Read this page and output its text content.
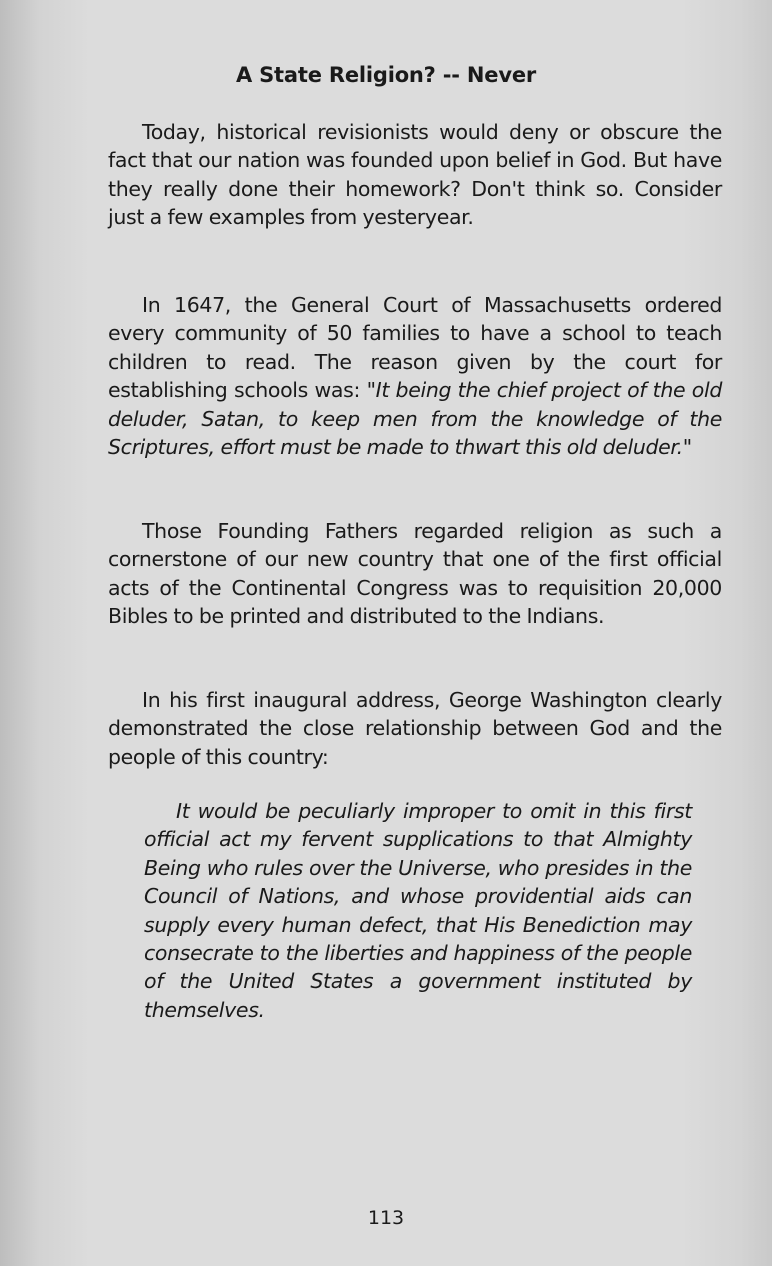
A State Religion? -- Never

Today, historical revisionists would deny or obscure the fact that our nation was founded upon belief in God. But have they really done their homework? Don't think so. Consider just a few examples from yesteryear.

In 1647, the General Court of Massachusetts ordered every community of 50 families to have a school to teach children to read. The reason given by the court for establishing schools was: "It being the chief project of the old deluder, Satan, to keep men from the knowledge of the Scriptures, effort must be made to thwart this old deluder."

Those Founding Fathers regarded religion as such a cornerstone of our new country that one of the first official acts of the Continental Congress was to requisition 20,000 Bibles to be printed and distributed to the Indians.

In his first inaugural address, George Washington clearly demonstrated the close relationship between God and the people of this country:

It would be peculiarly improper to omit in this first official act my fervent supplications to that Almighty Being who rules over the Universe, who presides in the Council of Nations, and whose providential aids can supply every human defect, that His Benediction may consecrate to the liberties and happiness of the people of the United States a government instituted by themselves.

113
